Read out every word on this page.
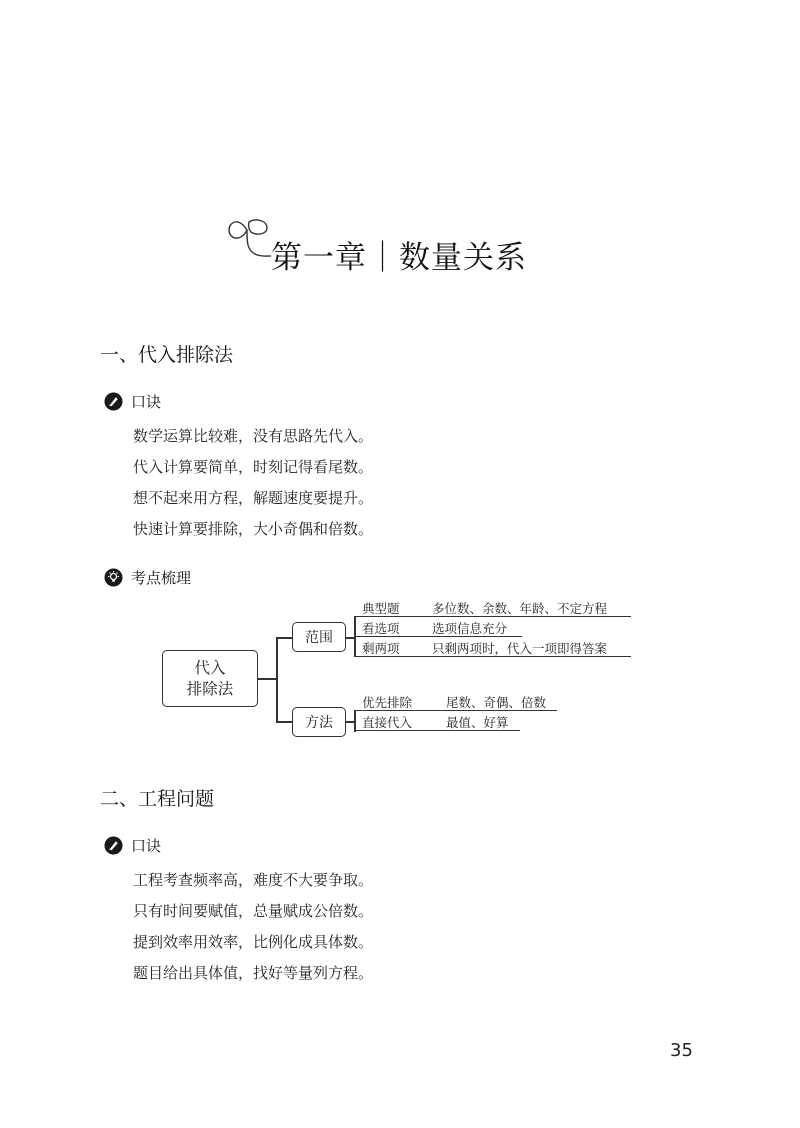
第一章｜数量关系
一、代入排除法
口诀
数学运算比较难，没有思路先代入。
代入计算要简单，时刻记得看尾数。
想不起来用方程，解题速度要提升。
快速计算要排除，大小奇偶和倍数。
考点梳理
代入
排除法
范围
典型题	多位数、余数、年龄、不定方程
看选项	选项信息充分
剩两项	只剩两项时，代入一项即得答案
方法
优先排除	尾数、奇偶、倍数
直接代入	最值、好算
二、工程问题
口诀
工程考查频率高，难度不大要争取。
只有时间要赋值，总量赋成公倍数。
提到效率用效率，比例化成具体数。
题目给出具体值，找好等量列方程。
35
